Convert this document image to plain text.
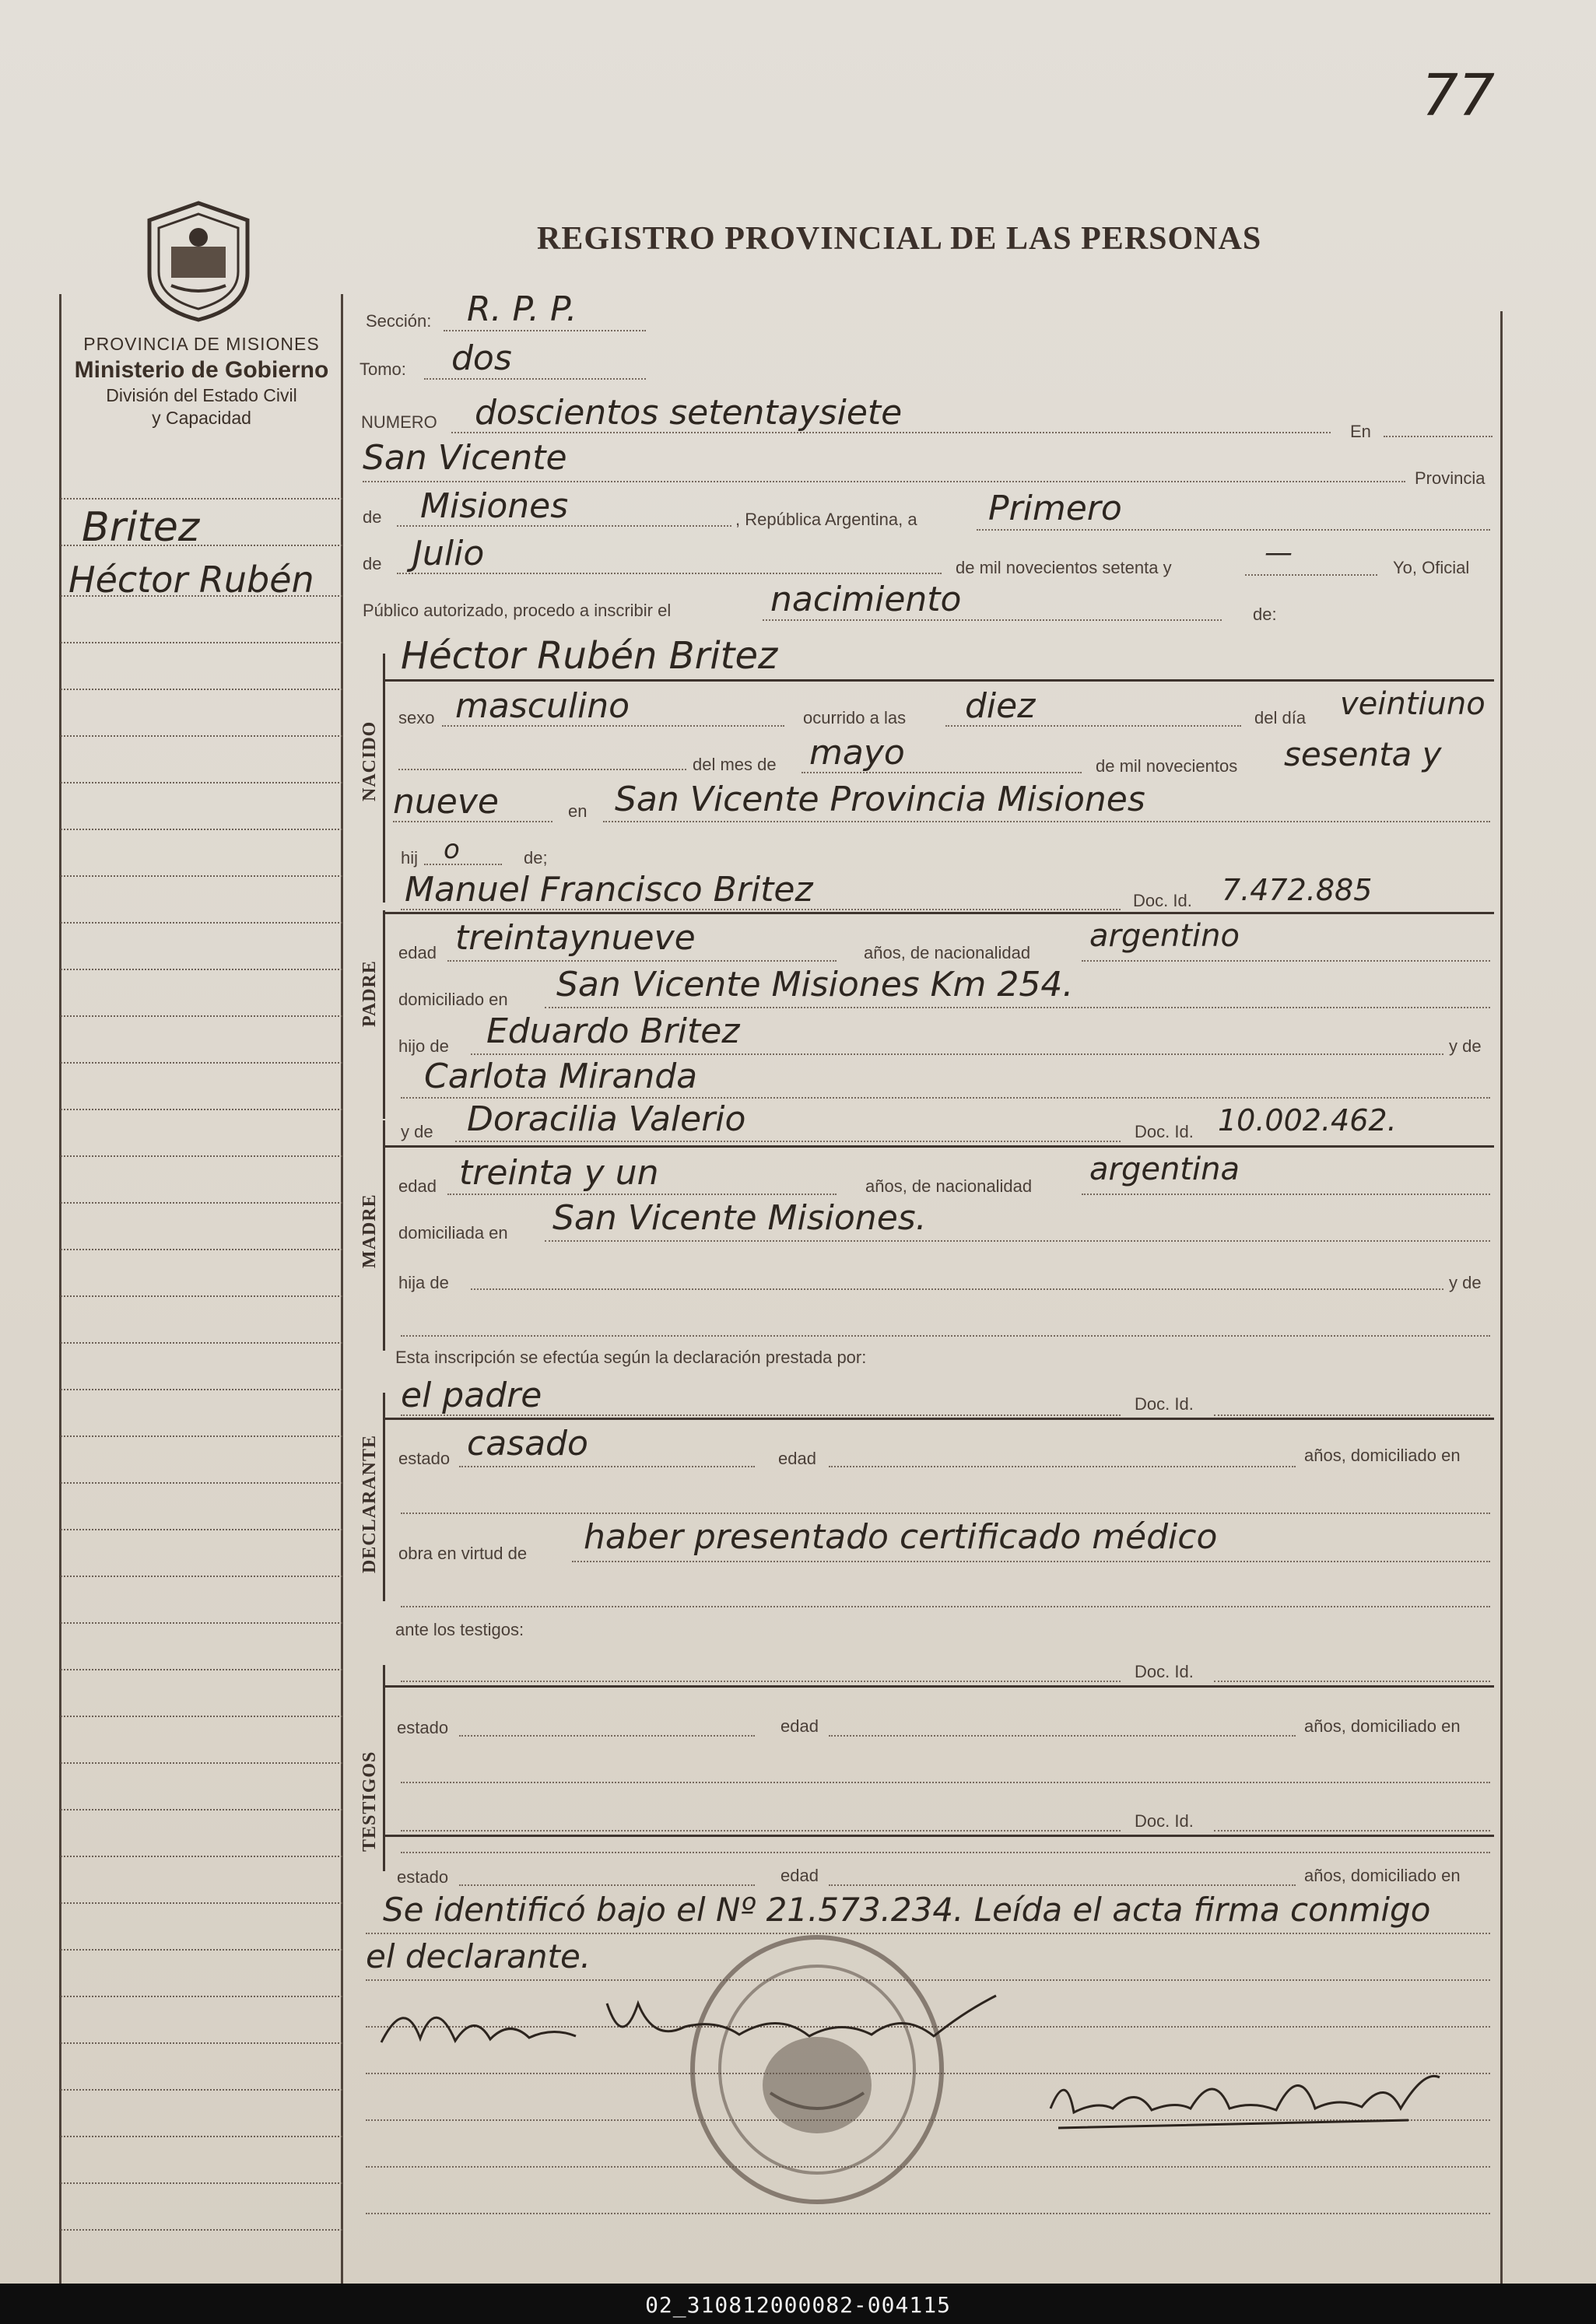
77
REGISTRO PROVINCIAL DE LAS PERSONAS
PROVINCIA DE MISIONES
Ministerio de Gobierno
División del Estado Civil
y Capacidad
Britez
Héctor Rubén
Sección: R. P. P.
Tomo: dos
NUMERO doscientos setentaysiete	En
San Vicente
Provincia
de Misiones	, República Argentina, a Primero
de Julio	de mil novecientos setenta y	—	Yo, Oficial
Público autorizado, procedo a inscribir el	nacimiento	de:
NACIDO
Héctor Rubén Britez
sexo masculino	ocurrido a las diez	del día veintiuno
del mes de mayo	de mil novecientos sesenta y
nueve	en San Vicente Provincia Misiones
hij o	de;
PADRE
Manuel Francisco Britez	Doc. Id. 7.472.885
edad treintaynueve	años, de nacionalidad argentino
domiciliado en San Vicente Misiones Km 254.
hijo de Eduardo Britez	y de
Carlota Miranda
MADRE
y de Doracilia Valerio	Doc. Id. 10.002.462.
edad treinta y un	años, de nacionalidad argentina
domiciliada en San Vicente Misiones.
hija de	y de
Esta inscripción se efectúa según la declaración prestada por:
DECLARANTE
el padre	Doc. Id.
estado casado	edad	años, domiciliado en
obra en virtud de haber presentado certificado médico
ante los testigos:
TESTIGOS
Doc. Id.
estado	edad	años, domiciliado en
Doc. Id.
estado	edad	años, domiciliado en
Se identificó bajo el Nº 21.573.234. Leída el acta firma conmigo
el declarante.
02_310812000082-004115
